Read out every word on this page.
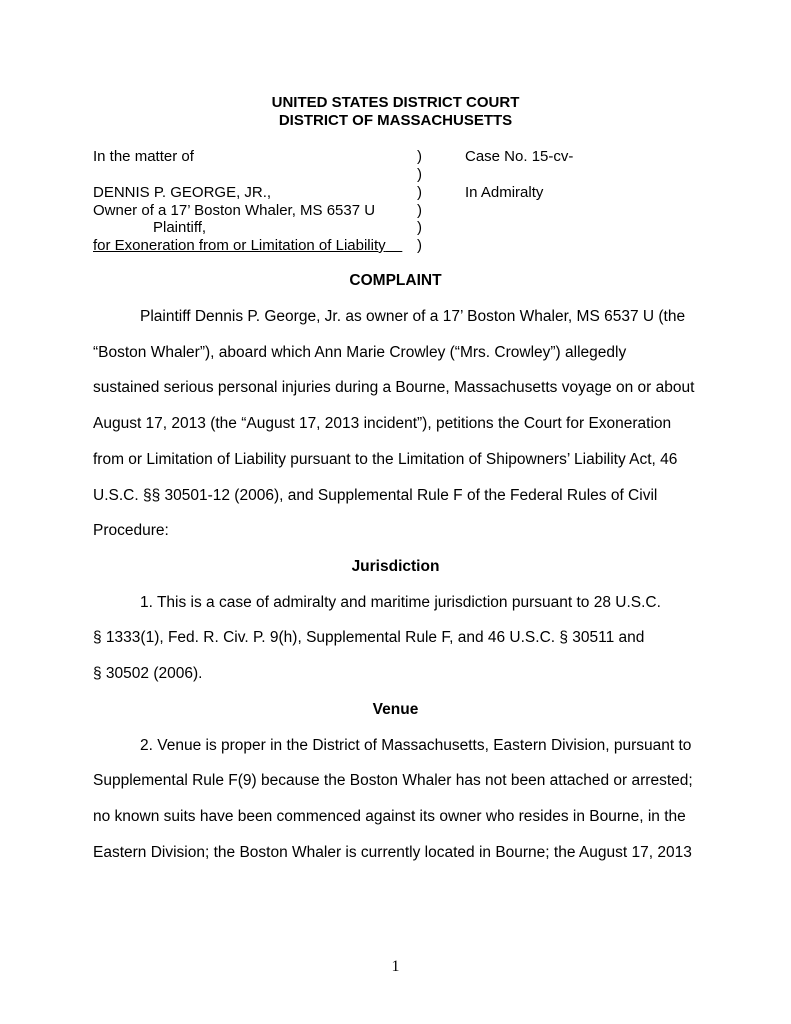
UNITED STATES DISTRICT COURT
DISTRICT OF MASSACHUSETTS
In the matter of
DENNIS P. GEORGE, JR.,
Owner of a 17’ Boston Whaler, MS 6537 U
Plaintiff,
for Exoneration from or Limitation of Liability
)
)
)
)
)
)
Case No. 15-cv-
In Admiralty
COMPLAINT
Plaintiff Dennis P. George, Jr. as owner of a 17’ Boston Whaler, MS 6537 U (the
“Boston Whaler”), aboard which Ann Marie Crowley (“Mrs. Crowley”) allegedly
sustained serious personal injuries during a Bourne, Massachusetts voyage on or about
August 17, 2013 (the “August 17, 2013 incident”), petitions the Court for Exoneration
from or Limitation of Liability pursuant to the Limitation of Shipowners’ Liability Act, 46
U.S.C. §§ 30501-12 (2006), and Supplemental Rule F of the Federal Rules of Civil
Procedure:
Jurisdiction
1. This is a case of admiralty and maritime jurisdiction pursuant to 28 U.S.C.
§ 1333(1), Fed. R. Civ. P. 9(h), Supplemental Rule F, and 46 U.S.C. § 30511 and
§ 30502 (2006).
Venue
2. Venue is proper in the District of Massachusetts, Eastern Division, pursuant to
Supplemental Rule F(9) because the Boston Whaler has not been attached or arrested;
no known suits have been commenced against its owner who resides in Bourne, in the
Eastern Division; the Boston Whaler is currently located in Bourne; the August 17, 2013
1
